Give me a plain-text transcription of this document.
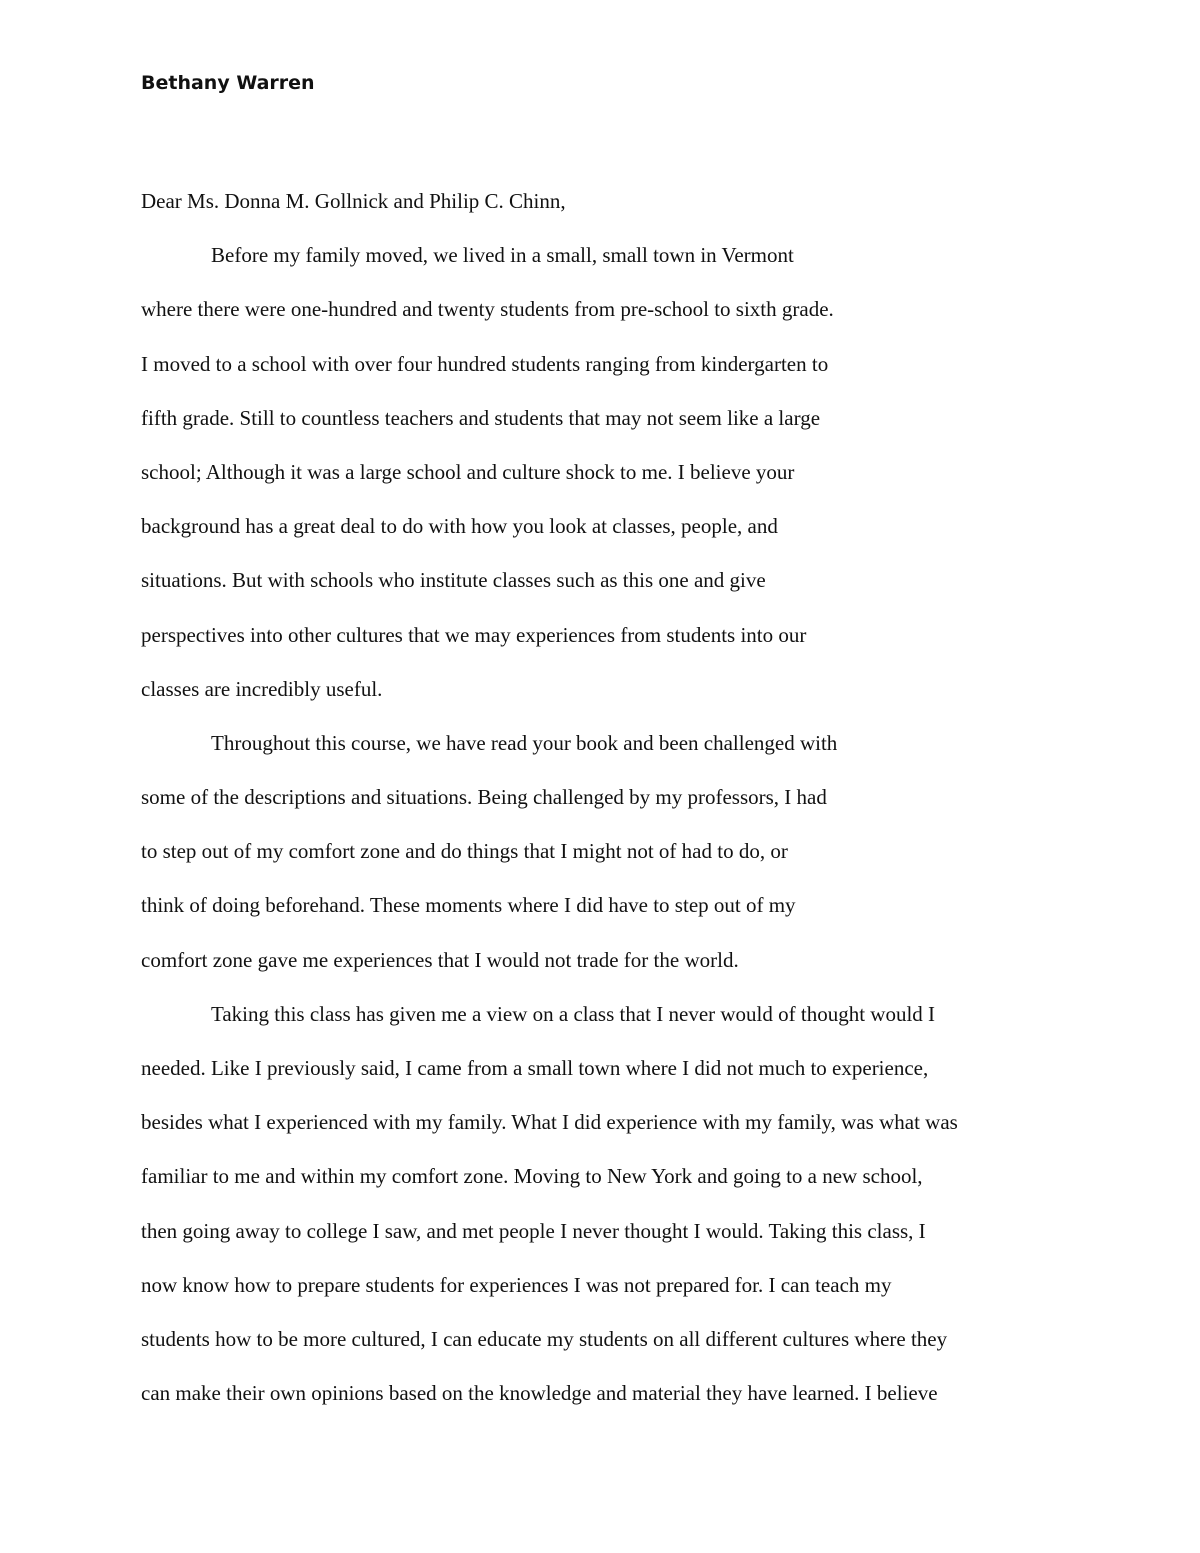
Bethany Warren
Dear Ms. Donna M. Gollnick and Philip C. Chinn,
Before my family moved, we lived in a small, small town in Vermont
where there were one-hundred and twenty students from pre-school to sixth grade.
I moved to a school with over four hundred students ranging from kindergarten to
fifth grade. Still to countless teachers and students that may not seem like a large
school; Although it was a large school and culture shock to me. I believe your
background has a great deal to do with how you look at classes, people, and
situations. But with schools who institute classes such as this one and give
perspectives into other cultures that we may experiences from students into our
classes are incredibly useful.
Throughout this course, we have read your book and been challenged with
some of the descriptions and situations. Being challenged by my professors, I had
to step out of my comfort zone and do things that I might not of had to do, or
think of doing beforehand. These moments where I did have to step out of my
comfort zone gave me experiences that I would not trade for the world.
Taking this class has given me a view on a class that I never would of thought would I
needed. Like I previously said, I came from a small town where I did not much to experience,
besides what I experienced with my family. What I did experience with my family, was what was
familiar to me and within my comfort zone. Moving to New York and going to a new school,
then going away to college I saw, and met people I never thought I would. Taking this class, I
now know how to prepare students for experiences I was not prepared for. I can teach my
students how to be more cultured, I can educate my students on all different cultures where they
can make their own opinions based on the knowledge and material they have learned. I believe
